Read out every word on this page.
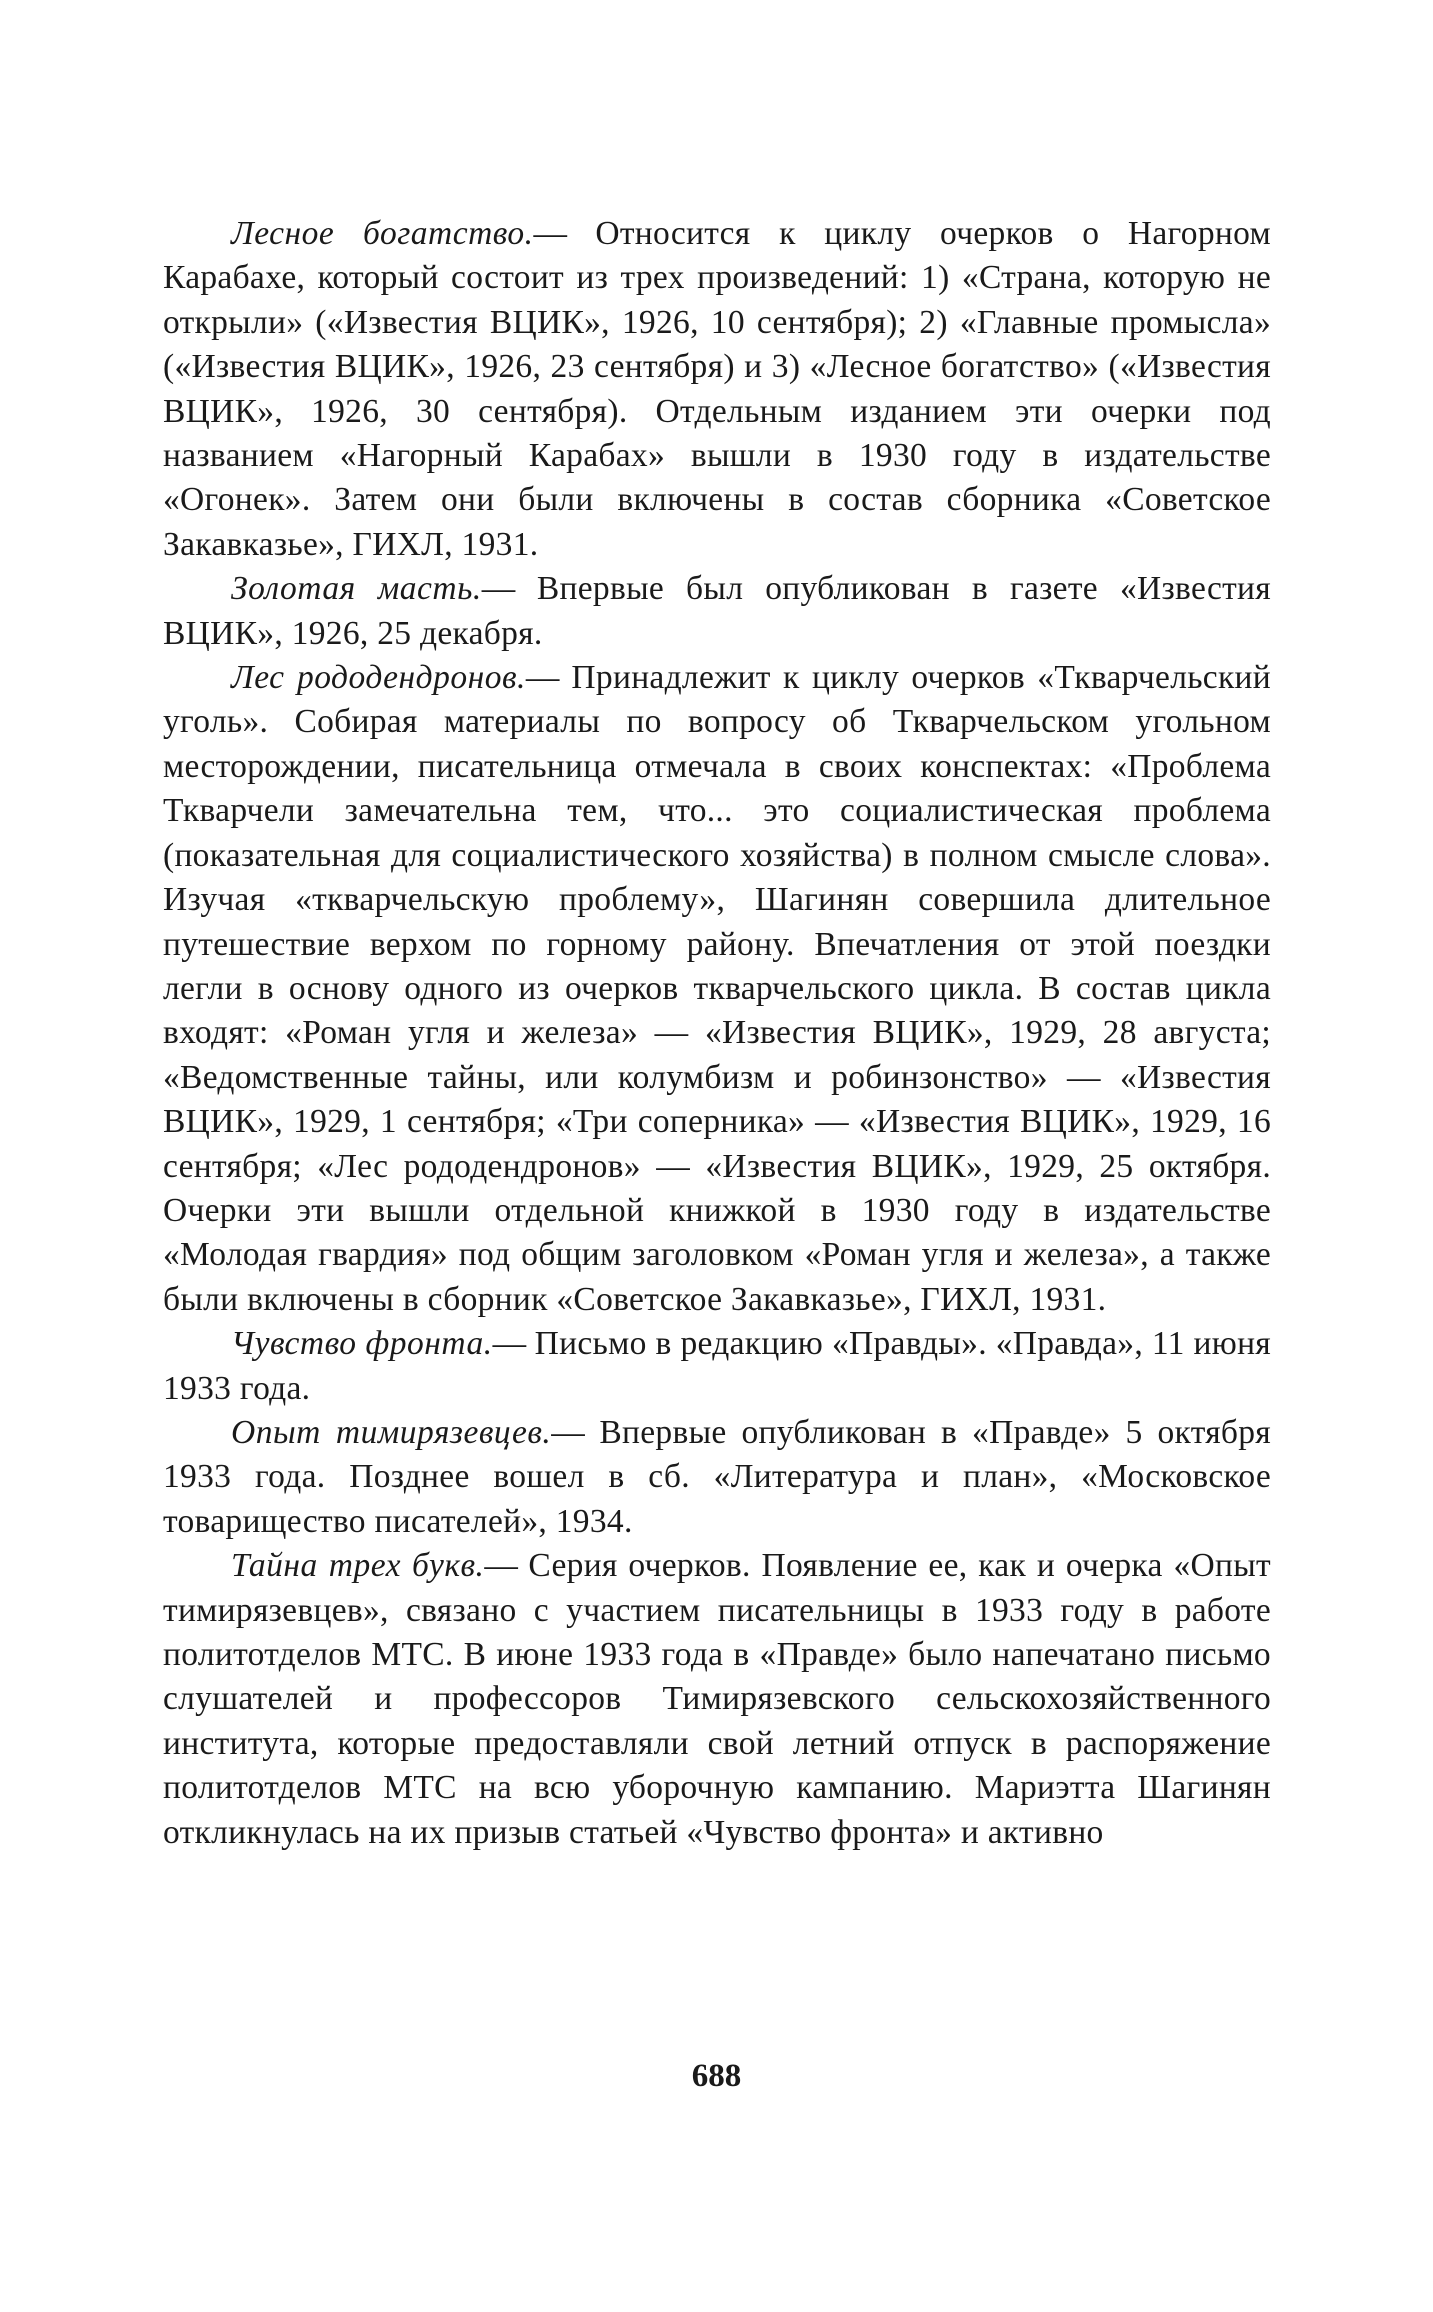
Лесное богатство.— Относится к циклу очерков о Нагорном Карабахе, который состоит из трех произведений: 1) «Страна, которую не открыли» («Известия ВЦИК», 1926, 10 сентября); 2) «Главные промысла» («Известия ВЦИК», 1926, 23 сентября) и 3) «Лесное богатство» («Известия ВЦИК», 1926, 30 сентября). Отдельным изданием эти очерки под названием «Нагорный Карабах» вышли в 1930 году в издательстве «Огонек». Затем они были включены в состав сборника «Советское Закавказье», ГИХЛ, 1931.

Золотая масть.— Впервые был опубликован в газете «Известия ВЦИК», 1926, 25 декабря.

Лес рододендронов.— Принадлежит к циклу очерков «Ткварчельский уголь». Собирая материалы по вопросу об Ткварчельском угольном месторождении, писательница отмечала в своих конспектах: «Проблема Ткварчели замечательна тем, что... это социалистическая проблема (показательная для социалистического хозяйства) в полном смысле слова». Изучая «ткварчельскую проблему», Шагинян совершила длительное путешествие верхом по горному району. Впечатления от этой поездки легли в основу одного из очерков ткварчельского цикла. В состав цикла входят: «Роман угля и железа» — «Известия ВЦИК», 1929, 28 августа; «Ведомственные тайны, или колумбизм и робинзонство» — «Известия ВЦИК», 1929, 1 сентября; «Три соперника» — «Известия ВЦИК», 1929, 16 сентября; «Лес рододендронов» — «Известия ВЦИК», 1929, 25 октября. Очерки эти вышли отдельной книжкой в 1930 году в издательстве «Молодая гвардия» под общим заголовком «Роман угля и железа», а также были включены в сборник «Советское Закавказье», ГИХЛ, 1931.

Чувство фронта.— Письмо в редакцию «Правды». «Правда», 11 июня 1933 года.

Опыт тимирязевцев.— Впервые опубликован в «Правде» 5 октября 1933 года. Позднее вошел в сб. «Литература и план», «Московское товарищество писателей», 1934.

Тайна трех букв.— Серия очерков. Появление ее, как и очерка «Опыт тимирязевцев», связано с участием писательницы в 1933 году в работе политотделов МТС. В июне 1933 года в «Правде» было напечатано письмо слушателей и профессоров Тимирязевского сельскохозяйственного института, которые предоставляли свой летний отпуск в распоряжение политотделов МТС на всю уборочную кампанию. Мариэтта Шагинян откликнулась на их призыв статьей «Чувство фронта» и активно

688
